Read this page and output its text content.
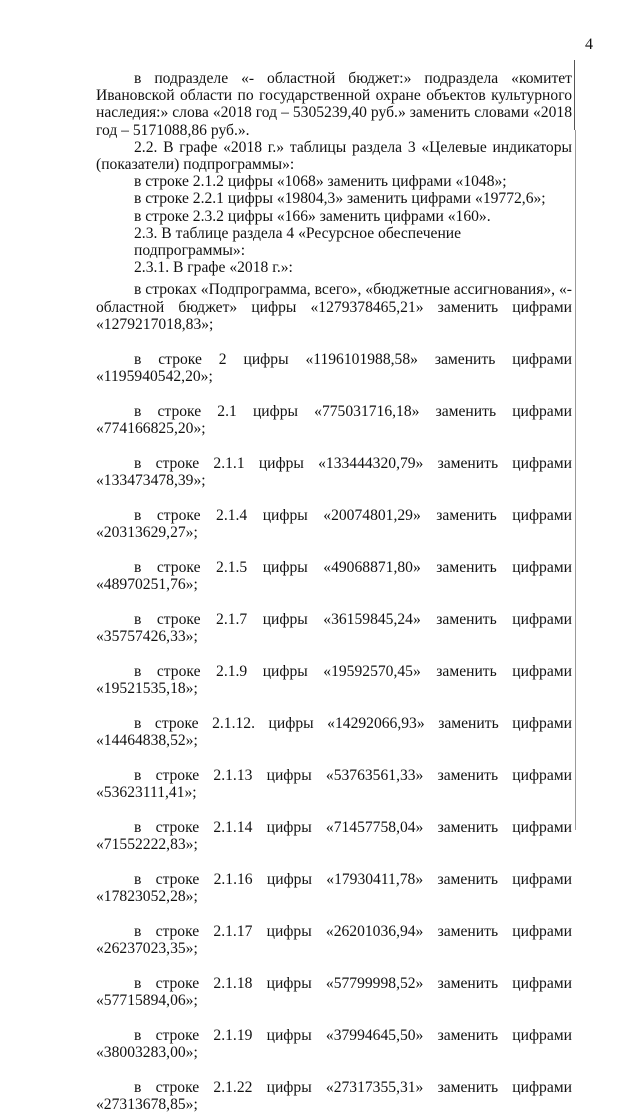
4

в подразделе «- областной бюджет:» подраздела «комитет Ивановской области по государственной охране объектов культурного наследия:» слова «2018 год – 5305239,40 руб.» заменить словами «2018 год – 5171088,86 руб.».

2.2. В графе «2018 г.» таблицы раздела 3 «Целевые индикаторы (показатели) подпрограммы»:

в строке 2.1.2 цифры «1068» заменить цифрами «1048»;

в строке 2.2.1 цифры «19804,3» заменить цифрами «19772,6»;

в строке 2.3.2 цифры «166» заменить цифрами «160».

2.3. В таблице раздела 4 «Ресурсное обеспечение подпрограммы»:

2.3.1. В графе «2018 г.»:

в строках «Подпрограмма, всего», «бюджетные ассигнования», «- областной бюджет» цифры «1279378465,21» заменить цифрами «1279217018,83»;

в строке 2 цифры «1196101988,58» заменить цифрами
«1195940542,20»;
в строке 2.1 цифры «775031716,18» заменить цифрами
«774166825,20»;
в строке 2.1.1 цифры «133444320,79» заменить цифрами
«133473478,39»;
в строке 2.1.4 цифры «20074801,29» заменить цифрами
«20313629,27»;
в строке 2.1.5 цифры «49068871,80» заменить цифрами
«48970251,76»;
в строке 2.1.7 цифры «36159845,24» заменить цифрами
«35757426,33»;
в строке 2.1.9 цифры «19592570,45» заменить цифрами
«19521535,18»;
в строке 2.1.12. цифры «14292066,93» заменить цифрами
«14464838,52»;
в строке 2.1.13 цифры «53763561,33» заменить цифрами
«53623111,41»;
в строке 2.1.14 цифры «71457758,04» заменить цифрами
«71552222,83»;
в строке 2.1.16 цифры «17930411,78» заменить цифрами
«17823052,28»;
в строке 2.1.17 цифры «26201036,94» заменить цифрами
«26237023,35»;
в строке 2.1.18 цифры «57799998,52» заменить цифрами
«57715894,06»;
в строке 2.1.19 цифры «37994645,50» заменить цифрами
«38003283,00»;
в строке 2.1.22 цифры «27317355,31» заменить цифрами
«27313678,85»;
